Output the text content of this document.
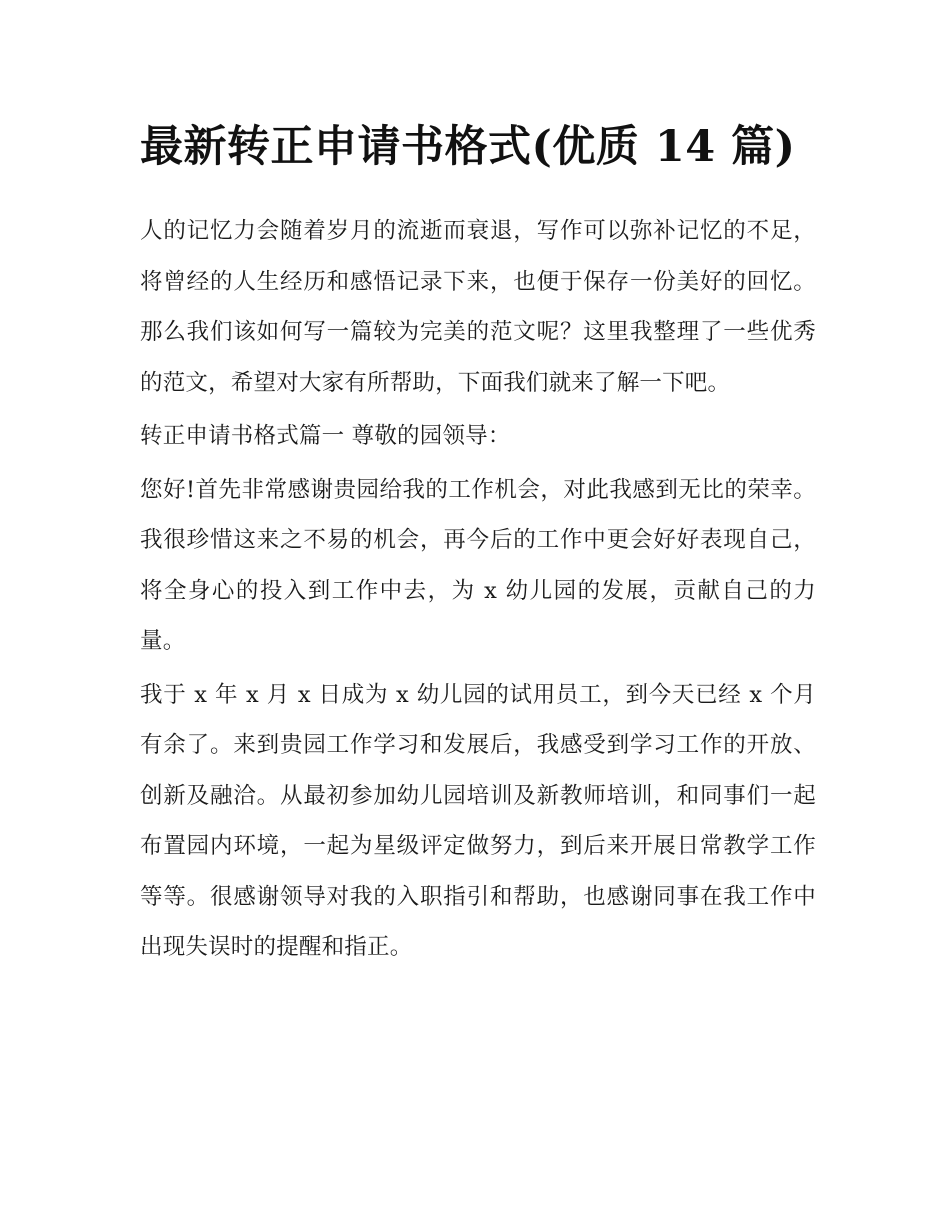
最新转正申请书格式(优质 14 篇)

人的记忆力会随着岁月的流逝而衰退，写作可以弥补记忆的不足，将曾经的人生经历和感悟记录下来，也便于保存一份美好的回忆。那么我们该如何写一篇较为完美的范文呢？这里我整理了一些优秀的范文，希望对大家有所帮助，下面我们就来了解一下吧。

转正申请书格式篇一 尊敬的园领导：

您好!首先非常感谢贵园给我的工作机会，对此我感到无比的荣幸。我很珍惜这来之不易的机会，再今后的工作中更会好好表现自己，将全身心的投入到工作中去，为 x 幼儿园的发展，贡献自己的力量。

我于 x 年 x 月 x 日成为 x 幼儿园的试用员工，到今天已经 x 个月有余了。来到贵园工作学习和发展后，我感受到学习工作的开放、创新及融洽。从最初参加幼儿园培训及新教师培训，和同事们一起布置园内环境，一起为星级评定做努力，到后来开展日常教学工作等等。很感谢领导对我的入职指引和帮助，也感谢同事在我工作中出现失误时的提醒和指正。
